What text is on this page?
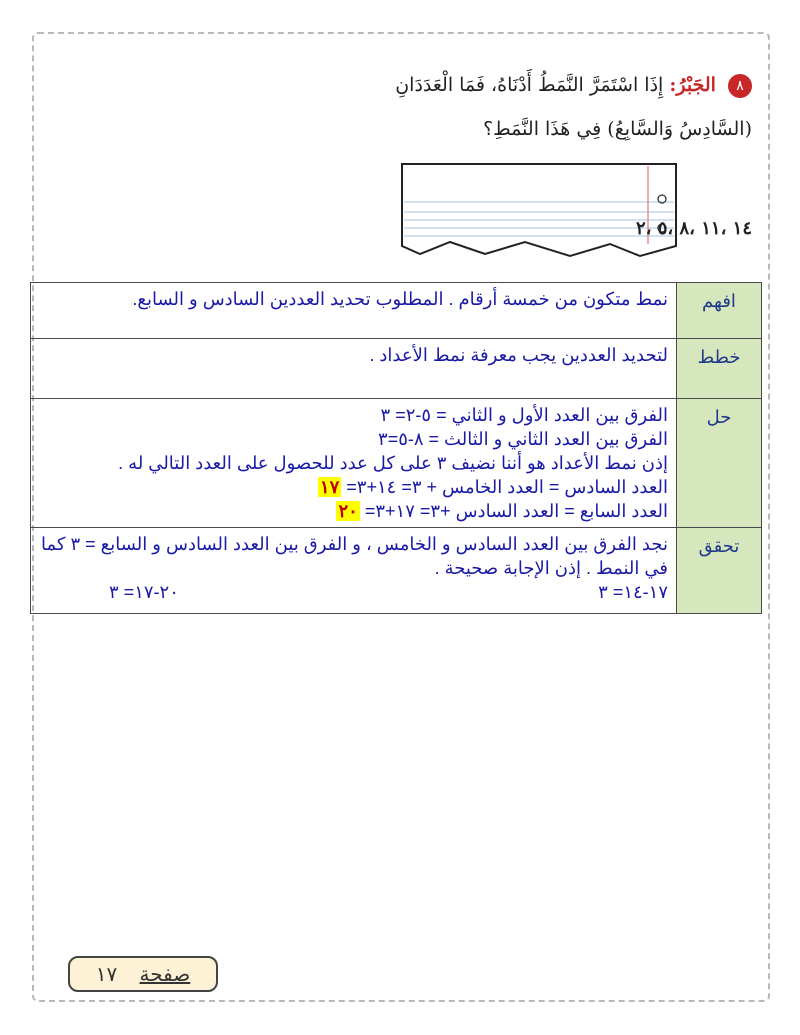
٨ الجَبْرُ: إِذَا اسْتَمَرَّ النَّمَطُ أَدْنَاهُ، فَمَا الْعَدَدَانِ
(السَّادِسُ وَالسَّابِعُ) فِي هَذَا النَّمَطِ؟
١٤ ،١١ ،٨ ،٥ ،٢
افهم	نمط متكون من خمسة أرقام . المطلوب تحديد العددين السادس و السابع.
خطط	لتحديد العددين يجب معرفة نمط الأعداد .
حل	الفرق بين العدد الأول و الثاني = ٥-٢= ٣
الفرق بين العدد الثاني و الثالث = ٨-٥=٣
إذن نمط الأعداد هو أننا نضيف ٣ على كل عدد للحصول على العدد التالي له .
العدد السادس = العدد الخامس + ٣= ١٤+٣= ١٧
العدد السابع = العدد السادس +٣= ١٧+٣= ٢٠

تحقق	نجد الفرق بين العدد السادس و الخامس ، و الفرق بين العدد السادس و السابع = ٣ كما في النمط . إذن الإجابة صحيحة .
١٧-١٤= ٣
٢٠-١٧= ٣
صفحة ١٧
